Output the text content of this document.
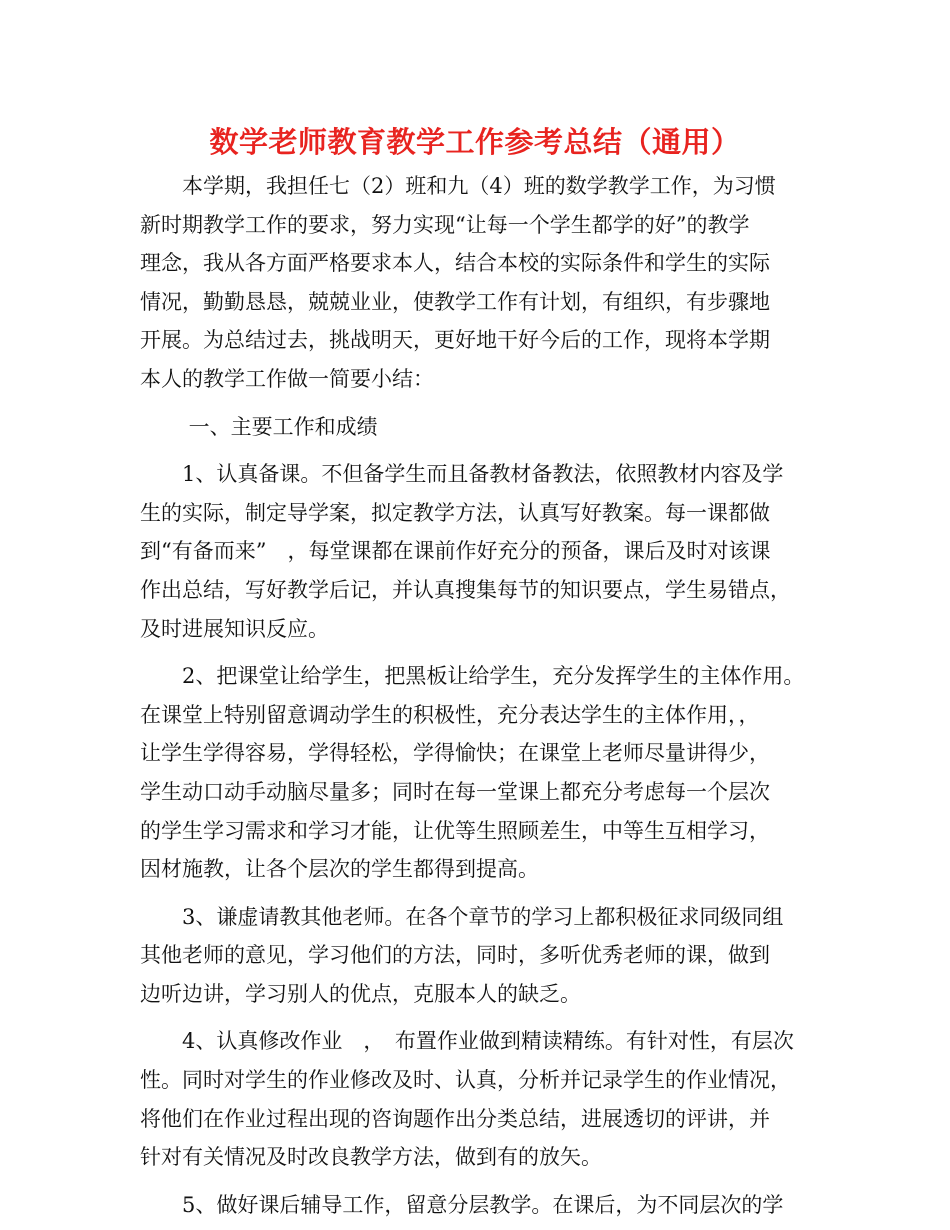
数学老师教育教学工作参考总结（通用）
　　本学期，我担任七（2）班和九（4）班的数学教学工作，为习惯
新时期教学工作的要求，努力实现“让每一个学生都学的好”的教学
理念，我从各方面严格要求本人，结合本校的实际条件和学生的实际
情况，勤勤恳恳，兢兢业业，使教学工作有计划，有组织，有步骤地
开展。为总结过去，挑战明天，更好地干好今后的工作，现将本学期
本人的教学工作做一简要小结：
　　 一、主要工作和成绩
　　1、认真备课。不但备学生而且备教材备教法，依照教材内容及学
生的实际，制定导学案，拟定教学方法，认真写好教案。每一课都做
到“有备而来”　，每堂课都在课前作好充分的预备，课后及时对该课
作出总结，写好教学后记，并认真搜集每节的知识要点，学生易错点，
及时进展知识反应。
　　2、把课堂让给学生，把黑板让给学生，充分发挥学生的主体作用。
在课堂上特别留意调动学生的积极性，充分表达学生的主体作用，，
让学生学得容易，学得轻松，学得愉快；在课堂上老师尽量讲得少，
学生动口动手动脑尽量多；同时在每一堂课上都充分考虑每一个层次
的学生学习需求和学习才能，让优等生照顾差生，中等生互相学习，
因材施教，让各个层次的学生都得到提高。
　　3、谦虚请教其他老师。在各个章节的学习上都积极征求同级同组
其他老师的意见，学习他们的方法，同时，多听优秀老师的课，做到
边听边讲，学习别人的优点，克服本人的缺乏。
　　4、认真修改作业　，　布置作业做到精读精练。有针对性，有层次
性。同时对学生的作业修改及时、认真，分析并记录学生的作业情况，
将他们在作业过程出现的咨询题作出分类总结，进展透切的评讲，并
针对有关情况及时改良教学方法，做到有的放矢。
　　5、做好课后辅导工作，留意分层教学。在课后，为不同层次的学
